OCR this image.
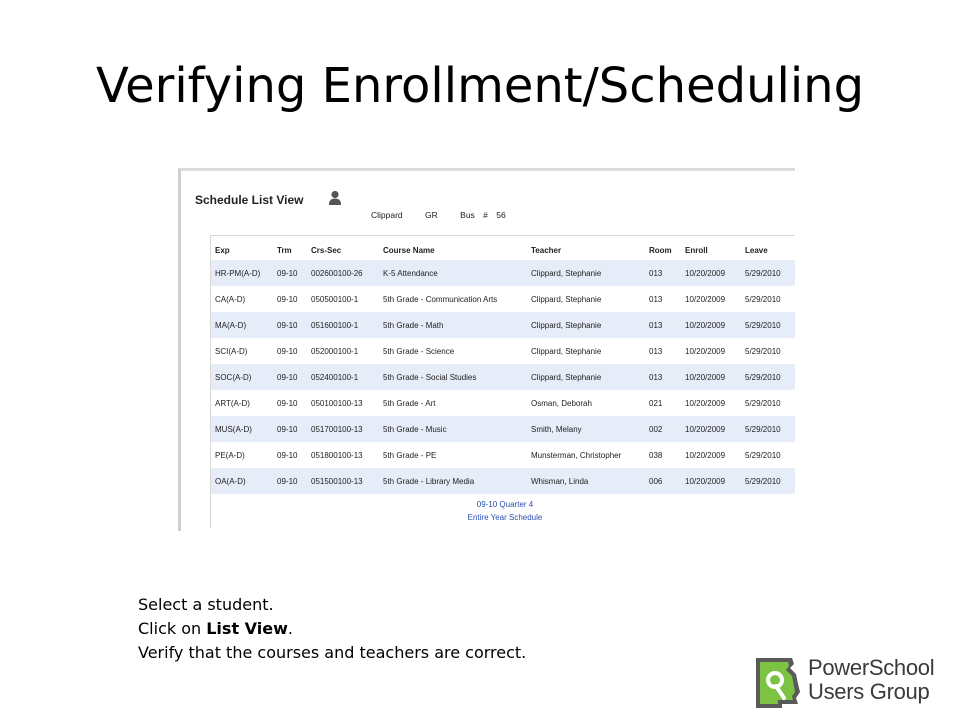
Verifying Enrollment/Scheduling
Schedule List View
Clippard	GR	Bus # 56
Exp	Trm	Crs-Sec	Course Name	Teacher	Room	Enroll	Leave
HR-PM(A-D)	09-10	002600100-26	K-5 Attendance	Clippard, Stephanie	013	10/20/2009	5/29/2010
CA(A-D)	09-10	050500100-1	5th Grade - Communication Arts	Clippard, Stephanie	013	10/20/2009	5/29/2010
MA(A-D)	09-10	051600100-1	5th Grade - Math	Clippard, Stephanie	013	10/20/2009	5/29/2010
SCI(A-D)	09-10	052000100-1	5th Grade - Science	Clippard, Stephanie	013	10/20/2009	5/29/2010
SOC(A-D)	09-10	052400100-1	5th Grade - Social Studies	Clippard, Stephanie	013	10/20/2009	5/29/2010
ART(A-D)	09-10	050100100-13	5th Grade - Art	Osman, Deborah	021	10/20/2009	5/29/2010
MUS(A-D)	09-10	051700100-13	5th Grade - Music	Smith, Melany	002	10/20/2009	5/29/2010
PE(A-D)	09-10	051800100-13	5th Grade - PE	Munsterman, Christopher	038	10/20/2009	5/29/2010
OA(A-D)	09-10	051500100-13	5th Grade - Library Media	Whisman, Linda	006	10/20/2009	5/29/2010
09-10 Quarter 4
Entire Year Schedule
Select a student.
Click on List View.
Verify that the courses and teachers are correct.
PowerSchool
Users Group
